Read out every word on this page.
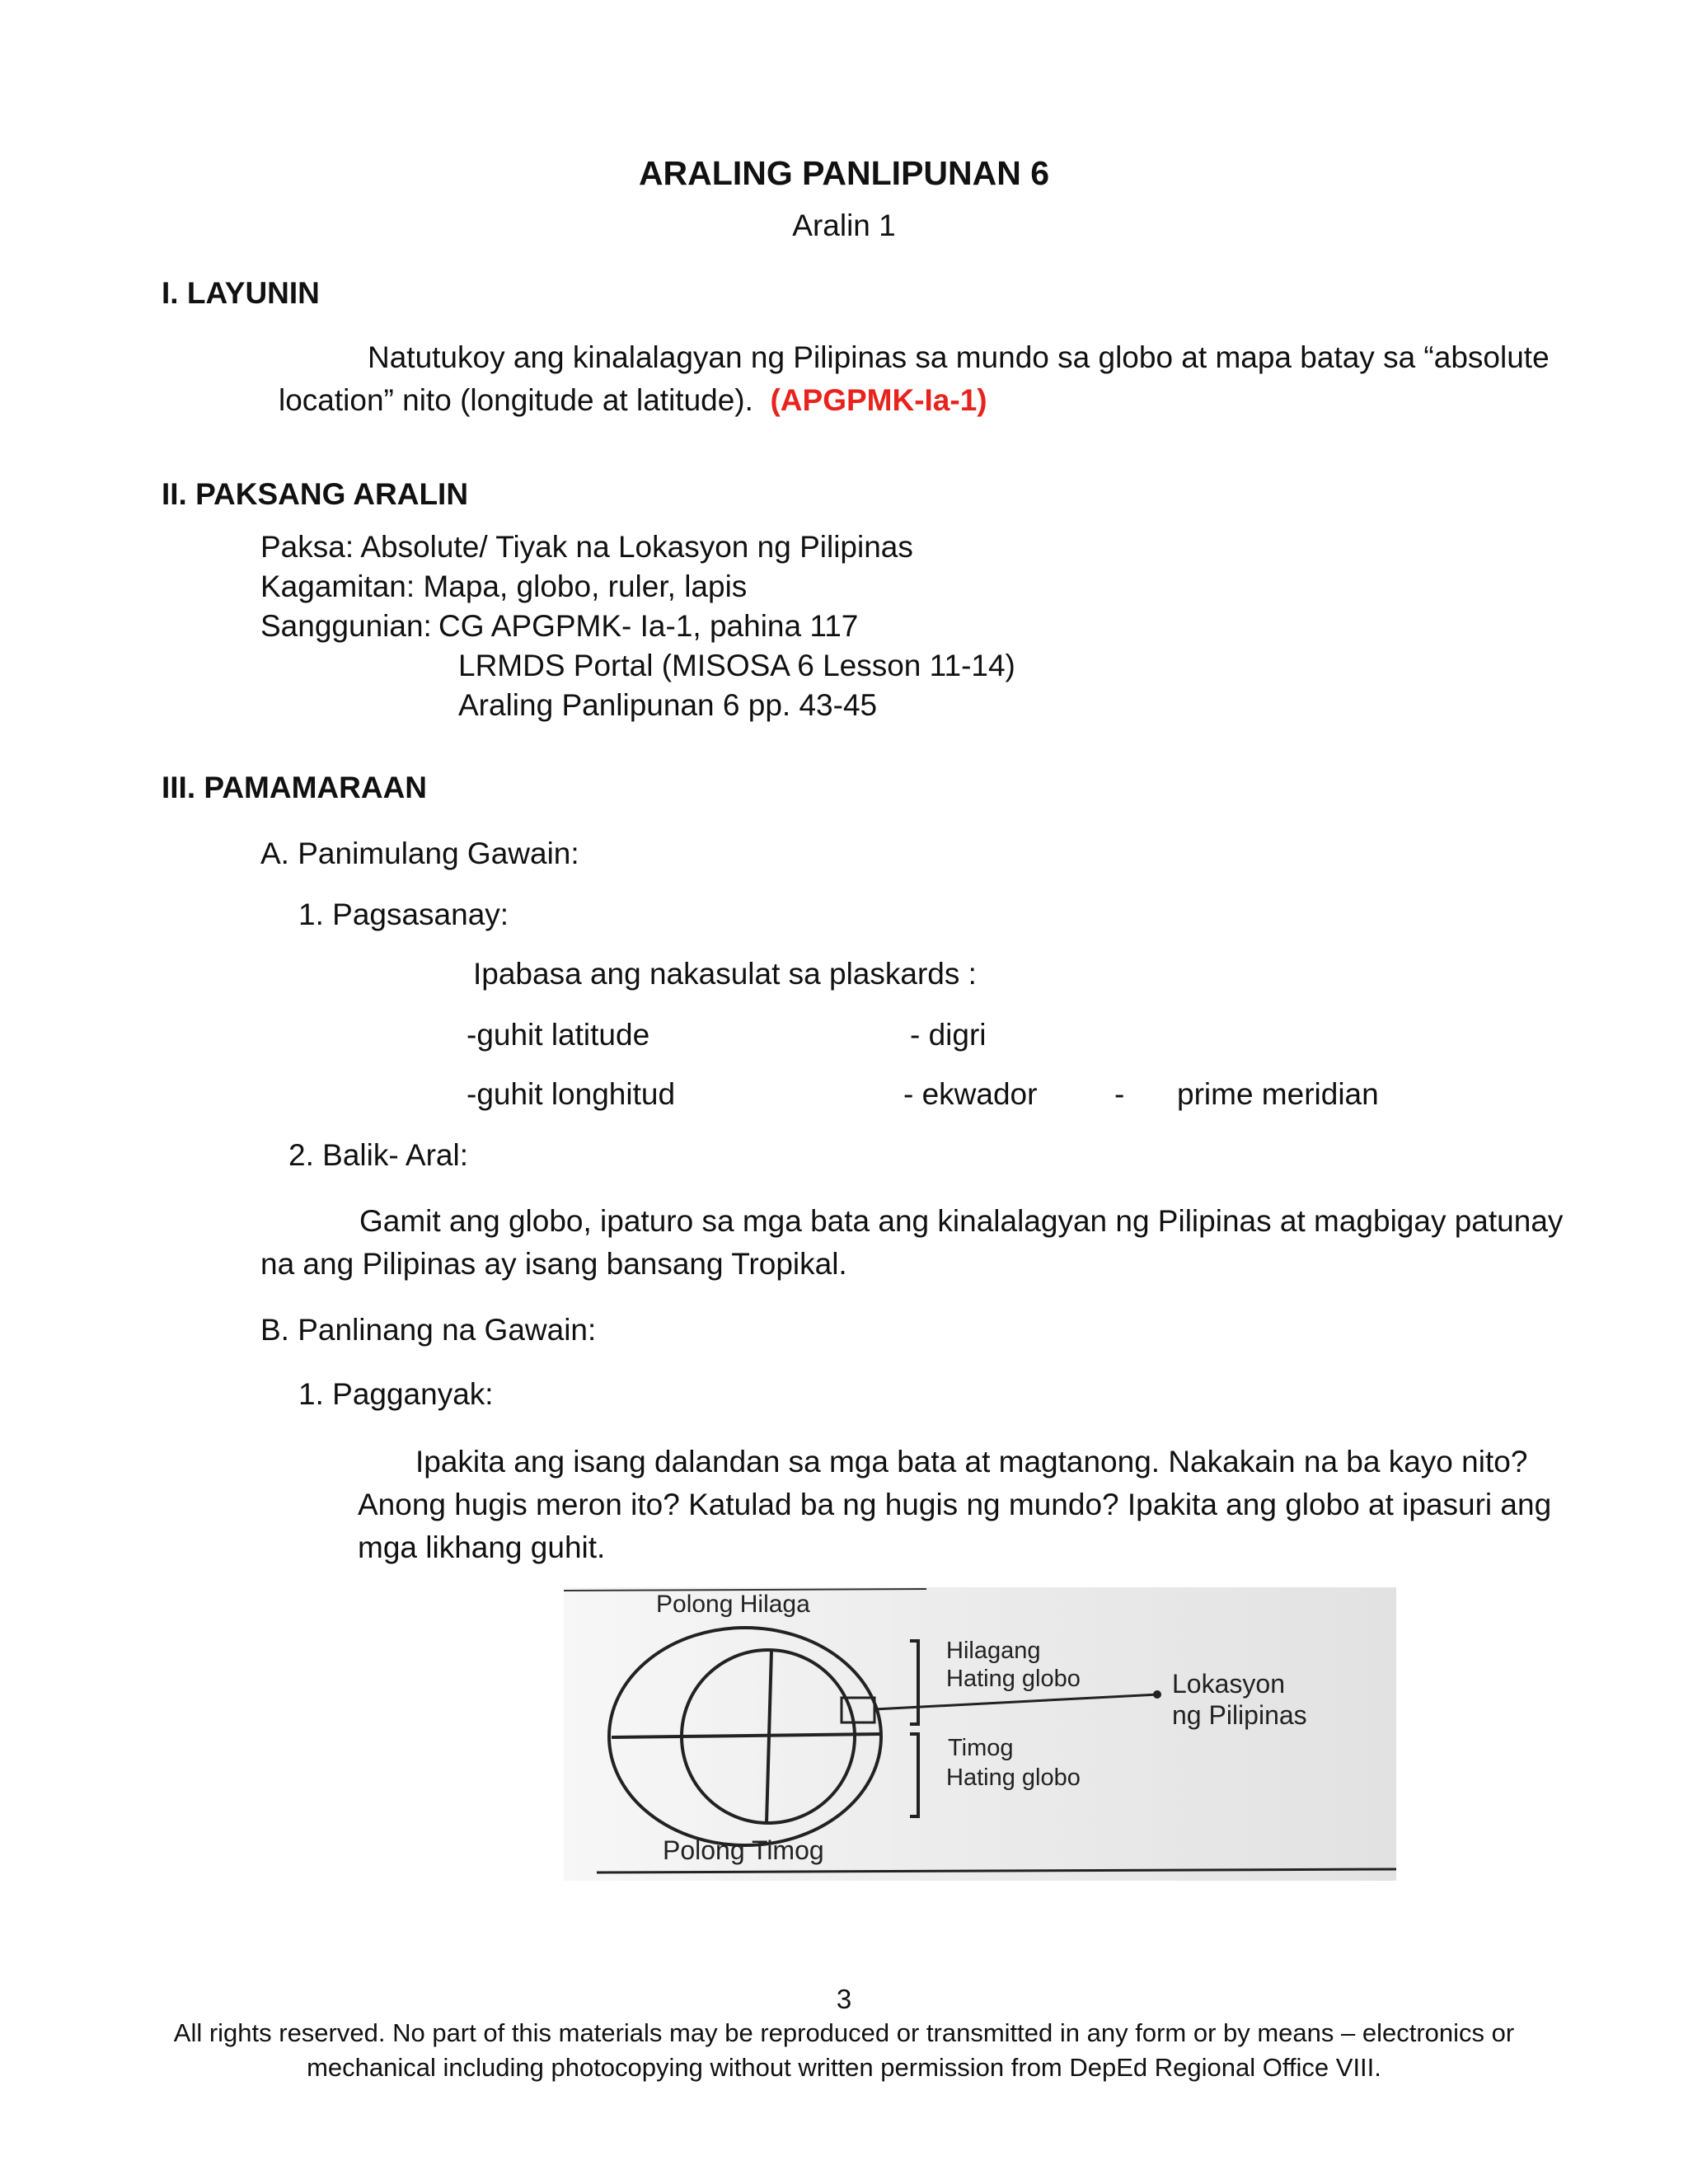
ARALING PANLIPUNAN 6
Aralin 1
I. LAYUNIN
Natutukoy ang kinalalagyan ng Pilipinas sa mundo sa globo at mapa batay sa “absolute
location” nito (longitude at latitude). (APGPMK-Ia-1)
II. PAKSANG ARALIN
Paksa: Absolute/ Tiyak na Lokasyon ng Pilipinas
Kagamitan: Mapa, globo, ruler, lapis
Sanggunian: CG APGPMK- Ia-1, pahina 117
LRMDS Portal (MISOSA 6 Lesson 11-14)
Araling Panlipunan 6 pp. 43-45
III. PAMAMARAAN
A. Panimulang Gawain:
1. Pagsasanay:
Ipabasa ang nakasulat sa plaskards :
-guhit latitude	- digri
-guhit longhitud	- ekwador	- prime meridian
2. Balik- Aral:
Gamit ang globo, ipaturo sa mga bata ang kinalalagyan ng Pilipinas at magbigay patunay
na ang Pilipinas ay isang bansang Tropikal.
B. Panlinang na Gawain:
1. Pagganyak:
Ipakita ang isang dalandan sa mga bata at magtanong. Nakakain na ba kayo nito?
Anong hugis meron ito? Katulad ba ng hugis ng mundo? Ipakita ang globo at ipasuri ang
mga likhang guhit.
Polong Hilaga
Hilagang
Hating globo
Timog
Hating globo
Lokasyon
ng Pilipinas
Polong Timog
3
All rights reserved. No part of this materials may be reproduced or transmitted in any form or by means – electronics or
mechanical including photocopying without written permission from DepEd Regional Office VIII.
